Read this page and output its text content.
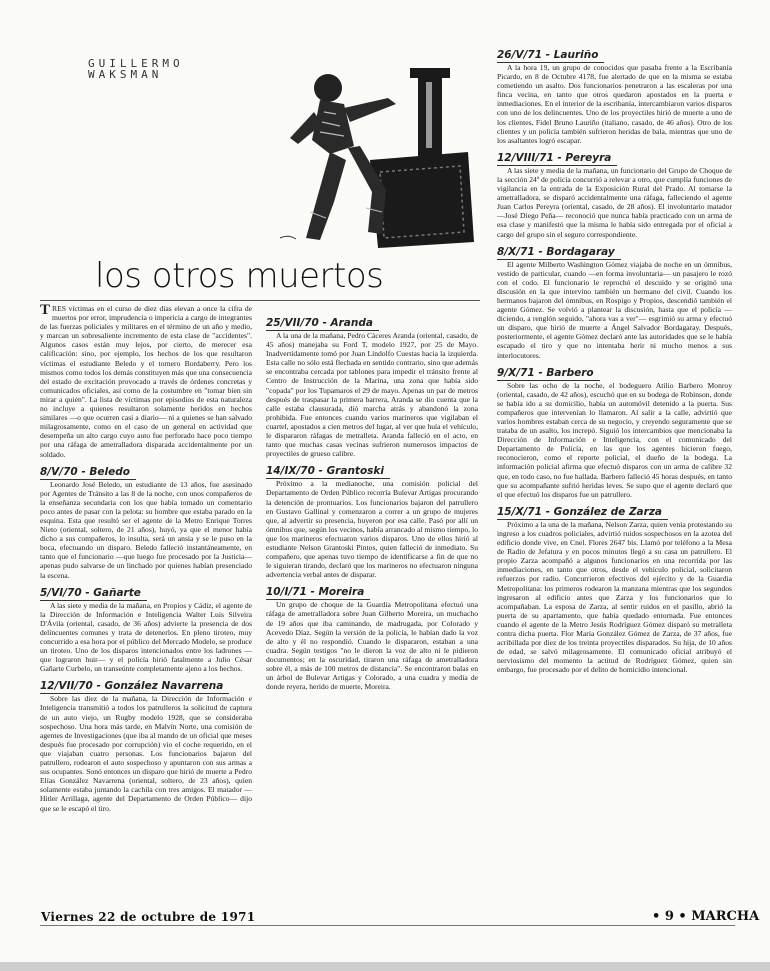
GUILLERMO
WAKSMAN
los otros muertos

TRES víctimas en el curso de diez días elevan a once la cifra de muertos por error, imprudencia o impericia a cargo de integrantes de las fuerzas policiales y militares en el término de un año y medio, y marcan un sobresaliente incremento de esta clase de "accidentes". Algunos casos están muy lejos, por cierto, de merecer esa calificación: sino, por ejemplo, los hechos de los que resultaron víctimas el estudiante Beledo y el tornero Bordaberry. Pero los mismos como todos los demás constituyen más que una consecuencia del estado de excitación provocado a través de órdenes concretas y comunicados oficiales, así como de la costumbre en "tomar bien sin mirar a quién". La lista de víctimas por episodios de esta naturaleza no incluye a quienes resultaron solamente heridos en hechos similares —o que ocurren casi a diario— ni a quienes se han salvado milagrosamente, como en el caso de un general en actividad que desempeña un alto cargo cuyo auto fue perforado hace poco tiempo por una ráfaga de ametralladora disparada accidentalmente por un soldado.

8/V/70 - Beledo

Leonardo José Beledo, un estudiante de 13 años, fue asesinado por Agentes de Tránsito a las 8 de la noche, con unos compañeros de la enseñanza secundaria con los que había tomado un comentario poco antes de pasar con la pelota: su hombre que estaba parado en la esquina. Esta que resultó ser el agente de la Metro Enrique Torres Nieto (oriental, soltero, de 21 años), huyó, ya que el menor había dicho a sus compañeros, lo insulta, será un ansia y se le puso en la boca, efectuando un disparo. Beledo falleció instantáneamente, en tanto que el funcionario —que luego fue procesado por la Justicia— apenas pudo salvarse de un linchado por quienes habían presenciado la escena.

5/VI/70 - Gañarte

A las siete y media de la mañana, en Propios y Cádiz, el agente de la Dirección de Información e Inteligencia Walter Luis Silveira D'Ávila (oriental, casado, de 36 años) advierte la presencia de dos delincuentes comunes y trata de detenerlos. En pleno tiroteo, muy concurrido a esa hora por el público del Mercado Modelo, se produce un tiroteo. Uno de los disparos intencionados entre los ladrones —que lograron huir— y el policía hirió fatalmente a Julio César Gañarte Curbelo, un transeúnte completamente ajeno a los hechos.

12/VII/70 - González Navarrena

Sobre las diez de la mañana, la Dirección de Información e Inteligencia transmitió a todos los patrulleros la solicitud de captura de un auto viejo, un Rugby modelo 1928, que se consideraba sospechoso. Una hora más tarde, en Malvín Norte, una comisión de agentes de Investigaciones (que iba al mando de un oficial que meses después fue procesado por corrupción) vio el coche requerido, en el que viajaban cuatro personas. Los funcionarios bajaron del patrullero, rodearon el auto sospechoso y apuntaron con sus armas a sus ocupantes. Sonó entonces un disparo que hirió de muerte a Pedro Elías González Navarrena (oriental, soltero, de 23 años), quien solamente estaba juntando la cachila con tres amigos. El matador —Hitler Arrillaga, agente del Departamento de Orden Público— dijo que se le escapó el tiro.

25/VII/70 - Aranda

A la una de la mañana, Pedro Cáceres Aranda (oriental, casado, de 45 años) manejaba su Ford T, modelo 1927, por 25 de Mayo. Inadvertidamente tomó por Juan Lindolfo Cuestas hacia la izquierda. Esta calle no sólo está flechada en sentido contrario, sino que además se encontraba cercada por tablones para impedir el tránsito frente al Centro de Instrucción de la Marina, una zona que había sido "copada" por los Tupamaros el 29 de mayo. Apenas un par de metros después de traspasar la primera barrera, Aranda se dio cuenta que la calle estaba clausurada, dió marcha atrás y abandonó la zona prohibida. Fue entonces cuando varios marineros que vigilaban el cuartel, apostados a cien metros del lugar, al ver que huía el vehículo, le dispararon ráfagas de metralleta. Aranda falleció en el acto, en tanto que muchas casas vecinas sufrieron numerosos impactos de proyectiles de grueso calibre.

14/IX/70 - Grantoski

Próximo a la medianoche, una comisión policial del Departamento de Orden Público recorría Bulevar Artigas procurando la detención de prontuarios. Los funcionarios bajaron del patrullero en Gustavo Gallinal y comenzaron a correr a un grupo de mujeres que, al advertir su presencia, huyeron por esa calle. Pasó por allí un ómnibus que, según los vecinos, había arrancado al mismo tiempo, lo que los marineros efectuaron varios disparos. Uno de ellos hirió al estudiante Nelson Grantoski Pintos, quien falleció de inmediato. Su compañero, que apenas tuvo tiempo de identificarse a fin de que no le siguieran tirando, declaró que los marineros no efectuaron ninguna advertencia verbal antes de disparar.

10/I/71 - Moreira

Un grupo de choque de la Guardia Metropolitana efectuó una ráfaga de ametralladora sobre Juan Gilberto Moreira, un muchacho de 19 años que iba caminando, de madrugada, por Colorado y Acevedo Díaz. Según la versión de la policía, le habían dado la voz de alto y él no respondió. Cuando le dispararon, estaban a una cuadra. Según testigos "no le dieron la voz de alto ni le pidieron documentos; en la oscuridad, tiraron una ráfaga de ametralladora sobre él, a más de 100 metros de distancia". Se encontraron balas en un árbol de Bulevar Artigas y Colorado, a una cuadra y media de donde reyera, herido de muerte, Moreira.

26/V/71 - Lauriño

A la hora 19, un grupo de conocidos que pasaba frente a la Escribanía Picardo, en 8 de Octubre 4178, fue alertado de que en la misma se estaba cometiendo un asalto. Dos funcionarios penetraron a las escaleras por una finca vecina, en tanto que otros quedaron apostados en la puerta e inmediaciones. En el interior de la escribanía, intercambiaron varios disparos con uno de los delincuentes. Uno de los proyectiles hirió de muerte a uno de los clientes, Fidel Bruno Lauriño (italiano, casado, de 46 años). Otro de los clientes y un policía también sufrieron heridas de bala, mientras que uno de los asaltantes logró escapar.

12/VIII/71 - Pereyra

A las siete y media de la mañana, un funcionario del Grupo de Choque de la sección 24ª de policía concurrió a relevar a otro, que cumplía funciones de vigilancia en la entrada de la Exposición Rural del Prado. Al tomarse la ametralladora, se disparó accidentalmente una ráfaga, falleciendo el agente Juan Carlos Pereyra (oriental, casado, de 28 años). El involuntario matador —José Diego Peña— reconoció que nunca había practicado con un arma de esa clase y manifestó que la misma le había sido entregada por el oficial a cargo del grupo sin el seguro correspondiente.

8/X/71 - Bordagaray

El agente Milberto Washington Gómez viajaba de noche en un ómnibus, vestido de particular, cuando —en forma involuntaria— un pasajero le rozó con el codo. El funcionario le reprochó el descuido y se originó una discusión en la que intervino también un hermano del civil. Cuando los hermanos bajaron del ómnibus, en Rospigo y Propios, descendió también el agente Gómez. Se volvió a plantear la discusión, hasta que el policía —diciendo, a renglón seguido, "ahora vas a ver"— esgrimió su arma y efectuó un disparo, que hirió de muerte a Ángel Salvador Bordagaray. Después, posteriormente, el agente Gómez declaró ante las autoridades que se le había escapado el tiro y que no intentaba herir ni mucho menos a sus interlocutores.

9/X/71 - Barbero

Sobre las ocho de la noche, el bodeguero Atilio Barbero Monroy (oriental, casado, de 42 años), escuchó que en su bodega de Robinson, donde se había ido a su domicilio, había un automóvil detenido a la puerta. Sus compañeros que intervenían lo llamaron. Al salir a la calle, advirtió que varios hombres estaban cerca de su negocio, y creyendo seguramente que se trataba de un asalto, los increpó. Siguió los intercambios que mencionaba la Dirección de Información e Inteligencia, con el comunicado del Departamento de Policía, en las que los agentes hicieron fuego, reconocieron, como el reporte policial, el dueño de la bodega. La información policial afirma que efectuó disparos con un arma de calibre 32 que, en todo caso, no fue hallada. Barbero falleció 45 horas después, en tanto que su acompañante sufrió heridas leves. Se supo que el agente declaró que el que efectuó los disparos fue un patrullero.

15/X/71 - González de Zarza

Próximo a la una de la mañana, Nelson Zarza, quien venía protestando su ingreso a los cuadros policiales, advirtió ruidos sospechosos en la azotea del edificio donde vive, en Cnel. Flores 2647 bis. Llamó por teléfono a la Mesa de Radio de Jefatura y en pocos minutos llegó a su casa un patrullero. El propio Zarza acompañó a algunos funcionarios en una recorrida por las inmediaciones, en tanto que otros, desde el vehículo policial, solicitaron refuerzos por radio. Concurrieron efectivos del ejército y de la Guardia Metropolitana: los primeros rodearon la manzana mientras que los segundos ingresaron al edificio antes que Zarza y los funcionarios que lo acompañaban. La esposa de Zarza, al sentir ruidos en el pasillo, abrió la puerta de su apartamento, que había quedado entornada. Fue entonces cuando el agente de la Metro Jesús Rodríguez Gómez disparó su metralleta contra dicha puerta. Flor María González Gómez de Zarza, de 37 años, fue acribillada por diez de los treinta proyectiles disparados. Su hija, de 10 años de edad, se salvó milagrosamente. El comunicado oficial atribuyó el nerviosismo del momento la actitud de Rodríguez Gómez, quien sin embargo, fue procesado por el delito de homicidio intencional.

Viernes 22 de octubre de 1971	• 9 • MARCHA
